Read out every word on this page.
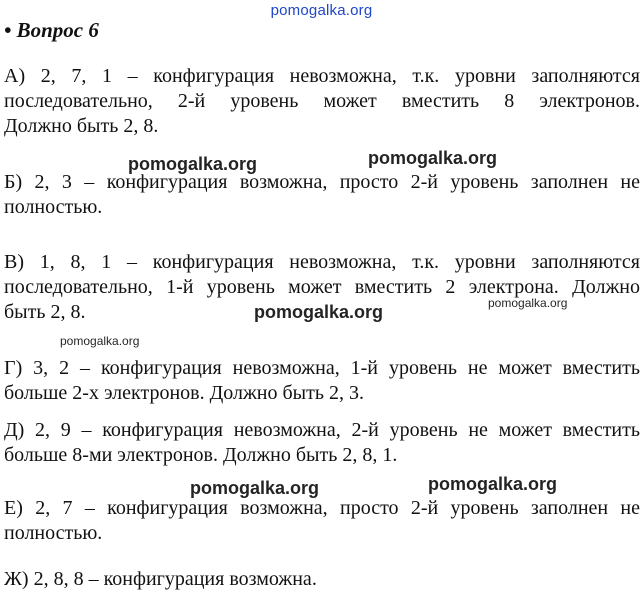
pomogalka.org
• Вопрос 6
А) 2, 7, 1 – конфигурация невозможна, т.к. уровни заполняются
последовательно, 2-й уровень может вместить 8 электронов.
Должно быть 2, 8.
Б) 2, 3 – конфигурация возможна, просто 2-й уровень заполнен не
полностью.
В) 1, 8, 1 – конфигурация невозможна, т.к. уровни заполняются
последовательно, 1-й уровень может вместить 2 электрона. Должно
быть 2, 8.
Г) 3, 2 – конфигурация невозможна, 1-й уровень не может вместить
больше 2-х электронов. Должно быть 2, 3.
Д) 2, 9 – конфигурация невозможна, 2-й уровень не может вместить
больше 8-ми электронов. Должно быть 2, 8, 1.
Е) 2, 7 – конфигурация возможна, просто 2-й уровень заполнен не
полностью.
Ж) 2, 8, 8 – конфигурация возможна.
pomogalka.org	pomogalka.org
pomogalka.org	pomogalka.org
pomogalka.org
pomogalka.org	pomogalka.org
